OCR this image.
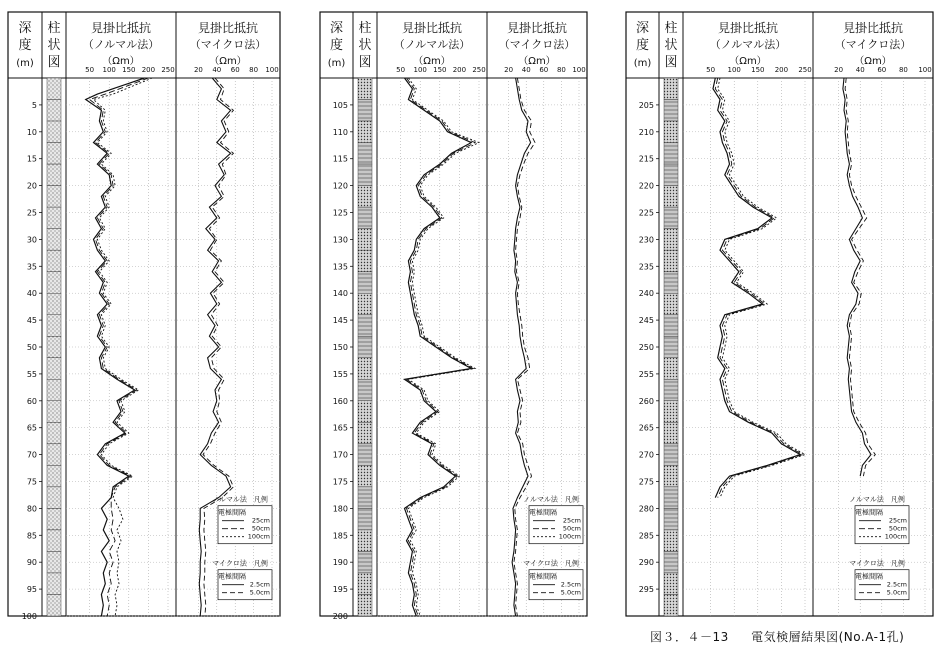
深
度
(m)
柱
状
図
見掛比抵抗
（ノルマル法）
（Ωm）
見掛比抵抗
（マイクロ法）
（Ωm）
50 100 150 200 250	20 40 60 80 100
5
10
15
20
25
30
35
40
45
50
55
60
65
70
75
80
85
90
95
100
ノルマル法　凡例
電極間隔
25cm
50cm
100cm
マイクロ法　凡例
電極間隔
2.5cm
5.0cm
深
度
(m)
柱
状
図
見掛比抵抗
（ノルマル法）
（Ωm）
見掛比抵抗
（マイクロ法）
（Ωm）
50 100 150 200 250	20 40 60 80 100
105
110
115
120
125
130
135
140
145
150
155
160
165
170
175
180
185
190
195
200
ノルマル法　凡例
電極間隔
25cm
50cm
100cm
マイクロ法　凡例
電極間隔
2.5cm
5.0cm
深
度
(m)
柱
状
図
見掛比抵抗
（ノルマル法）
（Ωm）
見掛比抵抗
（マイクロ法）
（Ωm）
50 100 150 200 250	20 40 60 80 100
205
210
215
220
225
230
235
240
245
250
255
260
265
270
275
280
285
290
295
ノルマル法　凡例
電極間隔
25cm
50cm
100cm
マイクロ法　凡例
電極間隔
2.5cm
5.0cm
図３．４－13 電気検層結果図(No.A-1孔)
